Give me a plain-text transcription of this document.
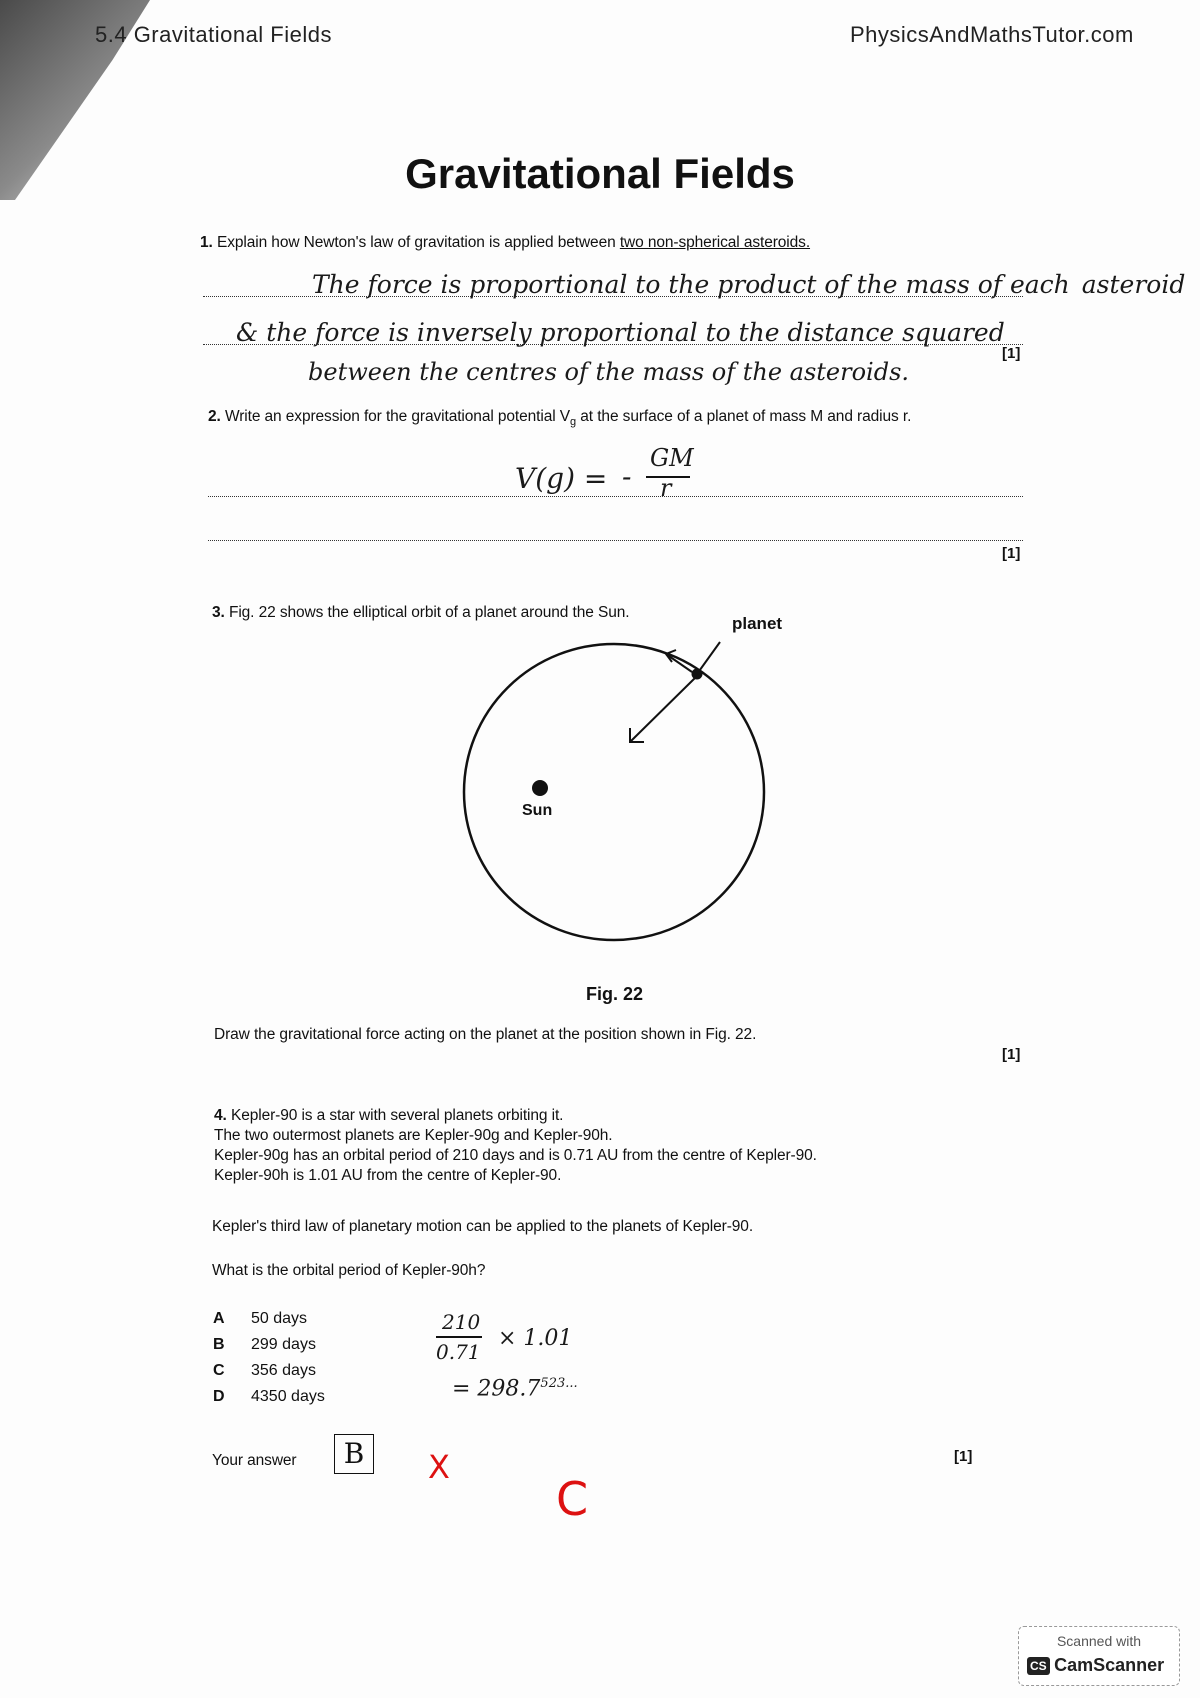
5.4 Gravitational Fields	PhysicsAndMathsTutor.com
Gravitational Fields
1. Explain how Newton's law of gravitation is applied between two non-spherical asteroids.
The force is proportional to the product of the mass of each asteroid
& the force is inversely proportional to the distance squared
between the centres of the mass of the asteroids.
[1]
2. Write an expression for the gravitational potential $V_g$ at the surface of a planet of mass M and radius r.
V(g) = -
GM
r
[1]
3. Fig. 22 shows the elliptical orbit of a planet around the Sun.
planet
Sun
Fig. 22
Draw the gravitational force acting on the planet at the position shown in Fig. 22.
[1]
4. Kepler-90 is a star with several planets orbiting it.
The two outermost planets are Kepler-90g and Kepler-90h.
Kepler-90g has an orbital period of 210 days and is 0.71 AU from the centre of Kepler-90.
Kepler-90h is 1.01 AU from the centre of Kepler-90.
Kepler's third law of planetary motion can be applied to the planets of Kepler-90.
What is the orbital period of Kepler-90h?
A 50 days
B 299 days
C 356 days
D 4350 days
210
0.71
× 1.01
= $298.7^{523...}$
Your answer	B	X
C
[1]
Scanned with
CS CamScanner
